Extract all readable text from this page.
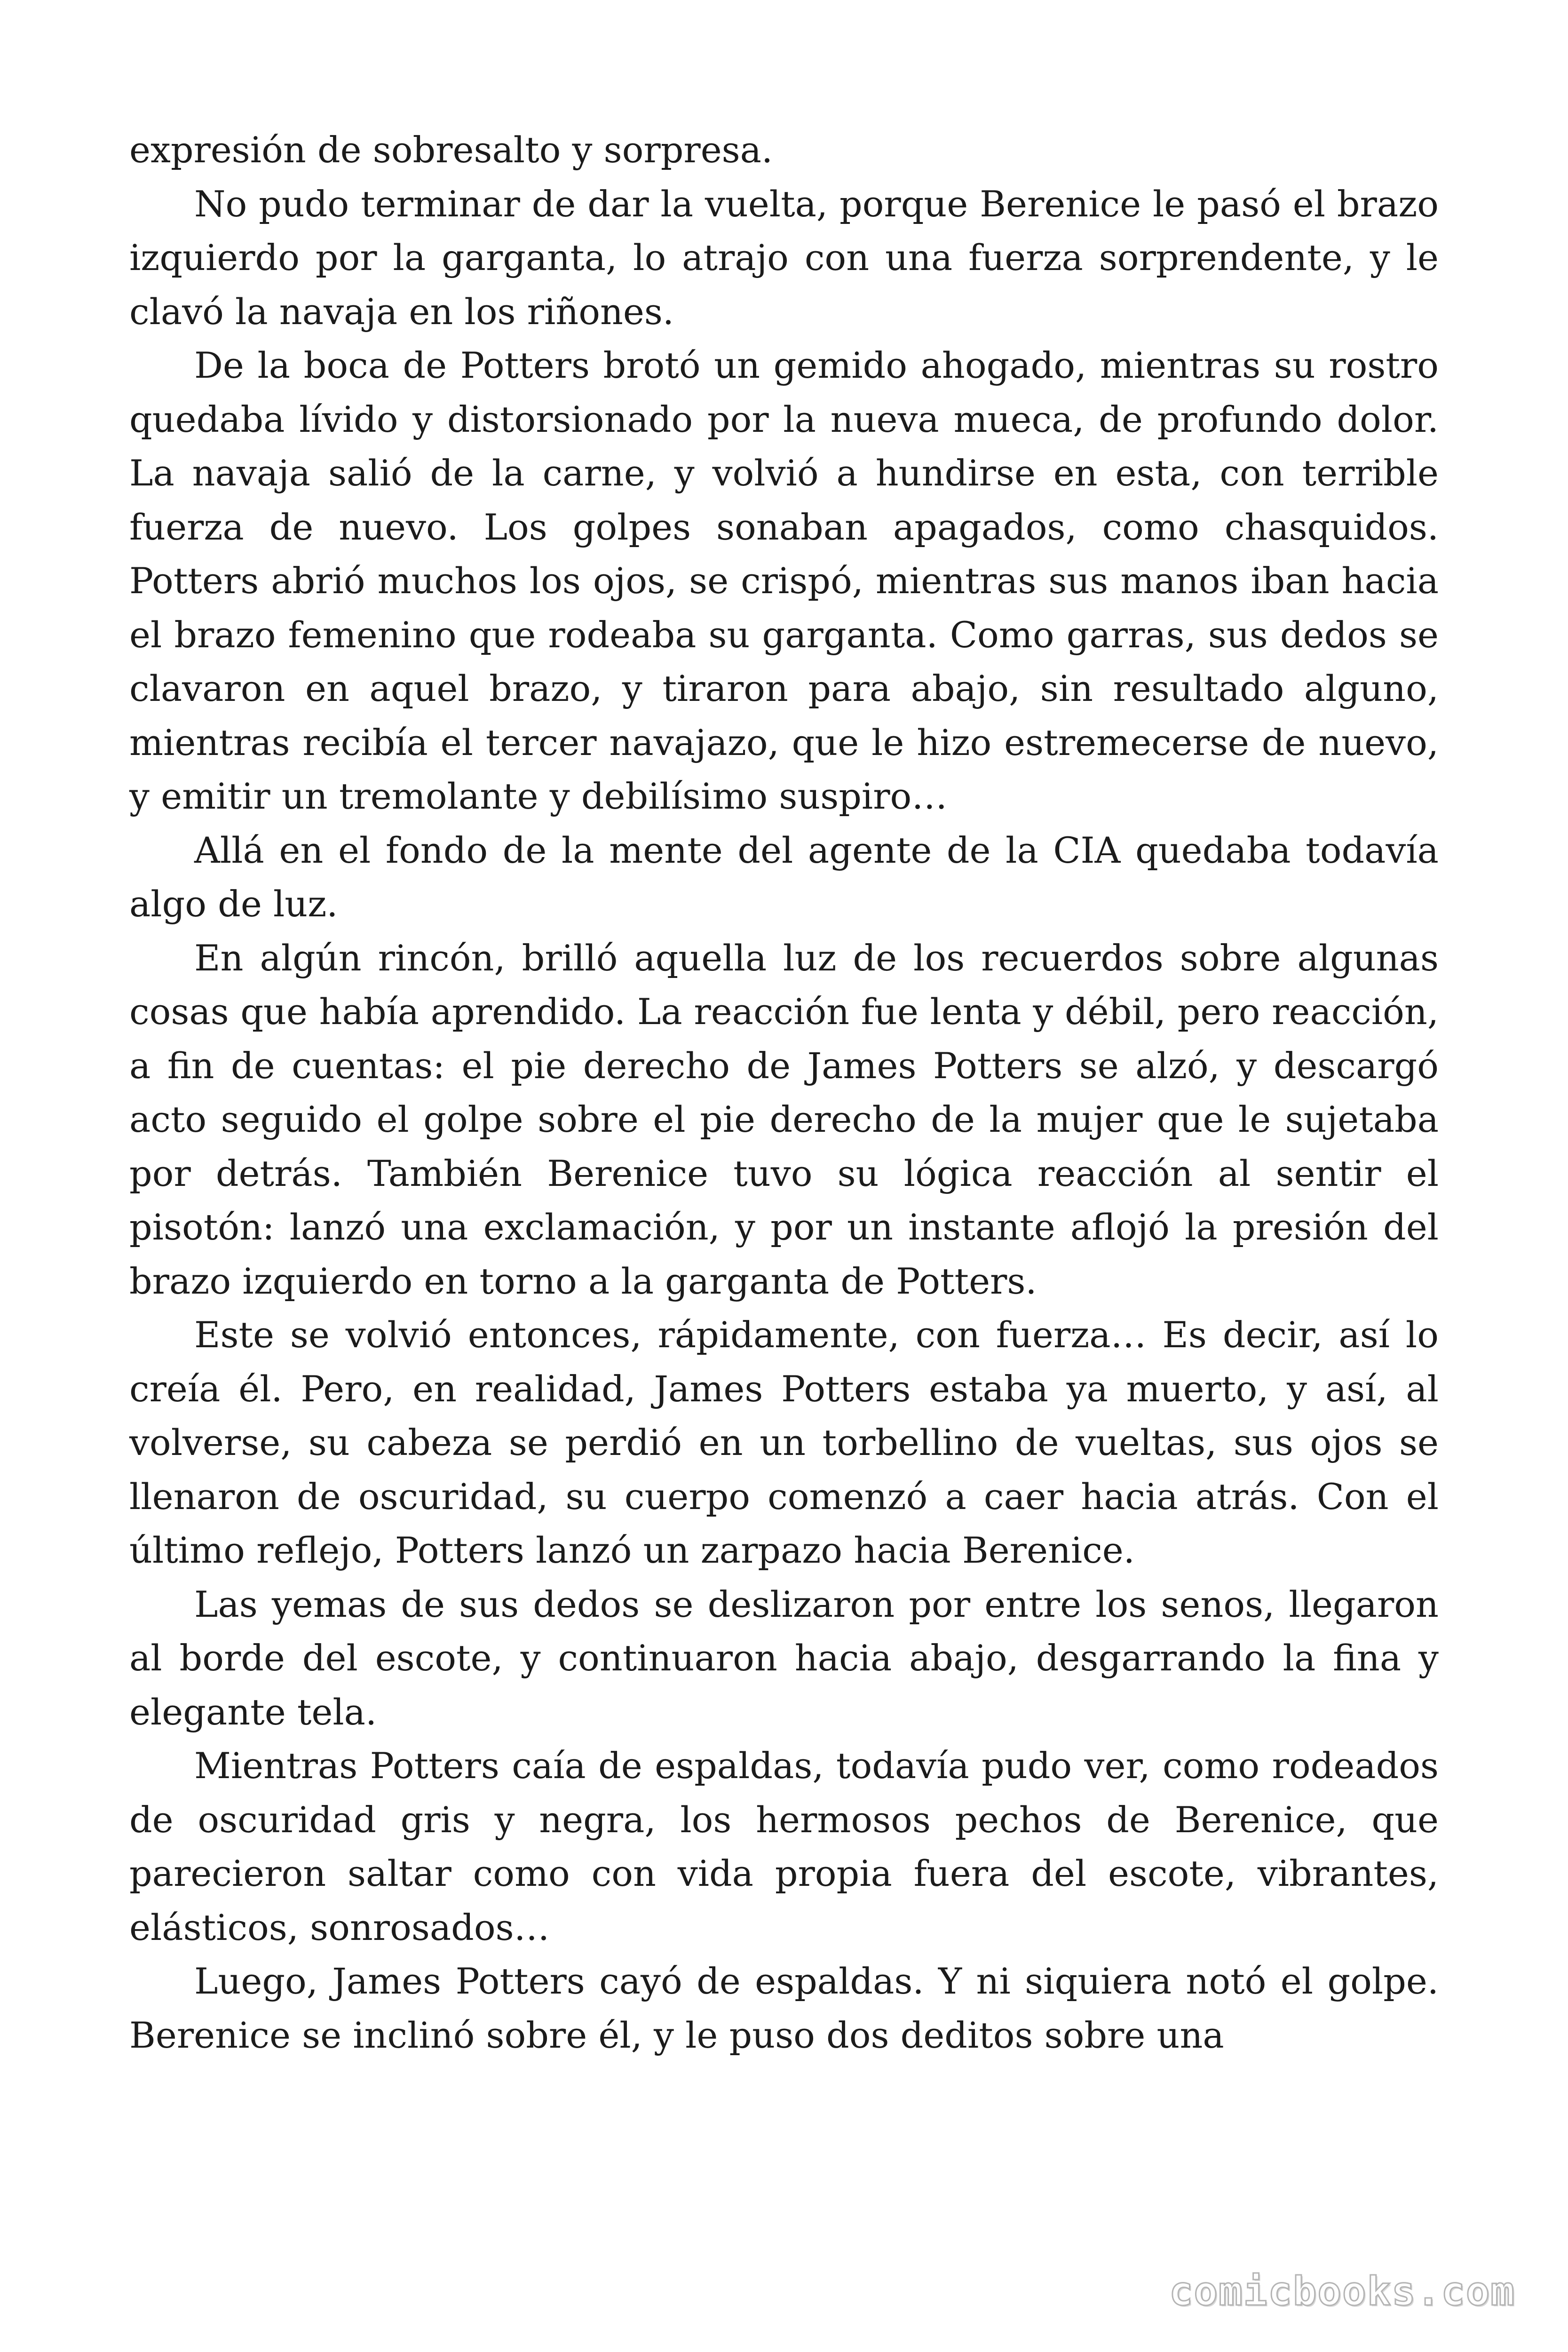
expresión de sobresalto y sorpresa.

No pudo terminar de dar la vuelta, porque Berenice le pasó el brazo izquierdo por la garganta, lo atrajo con una fuerza sorprendente, y le clavó la navaja en los riñones.

De la boca de Potters brotó un gemido ahogado, mientras su rostro quedaba lívido y distorsionado por la nueva mueca, de profundo dolor. La navaja salió de la carne, y volvió a hundirse en esta, con terrible fuerza de nuevo. Los golpes sonaban apagados, como chasquidos. Potters abrió muchos los ojos, se crispó, mientras sus manos iban hacia el brazo femenino que rodeaba su garganta. Como garras, sus dedos se clavaron en aquel brazo, y tiraron para abajo, sin resultado alguno, mientras recibía el tercer navajazo, que le hizo estremecerse de nuevo, y emitir un tremolante y debilísimo suspiro…

Allá en el fondo de la mente del agente de la CIA quedaba todavía algo de luz.

En algún rincón, brilló aquella luz de los recuerdos sobre algunas cosas que había aprendido. La reacción fue lenta y débil, pero reacción, a fin de cuentas: el pie derecho de James Potters se alzó, y descargó acto seguido el golpe sobre el pie derecho de la mujer que le sujetaba por detrás. También Berenice tuvo su lógica reacción al sentir el pisotón: lanzó una exclamación, y por un instante aflojó la presión del brazo izquierdo en torno a la garganta de Potters.

Este se volvió entonces, rápidamente, con fuerza… Es decir, así lo creía él. Pero, en realidad, James Potters estaba ya muerto, y así, al volverse, su cabeza se perdió en un torbellino de vueltas, sus ojos se llenaron de oscuridad, su cuerpo comenzó a caer hacia atrás. Con el último reflejo, Potters lanzó un zarpazo hacia Berenice.

Las yemas de sus dedos se deslizaron por entre los senos, llegaron al borde del escote, y continuaron hacia abajo, desgarrando la fina y elegante tela.

Mientras Potters caía de espaldas, todavía pudo ver, como rodeados de oscuridad gris y negra, los hermosos pechos de Berenice, que parecieron saltar como con vida propia fuera del escote, vibrantes, elásticos, sonrosados…

Luego, James Potters cayó de espaldas. Y ni siquiera notó el golpe. Berenice se inclinó sobre él, y le puso dos deditos sobre una

comicbooks.com
